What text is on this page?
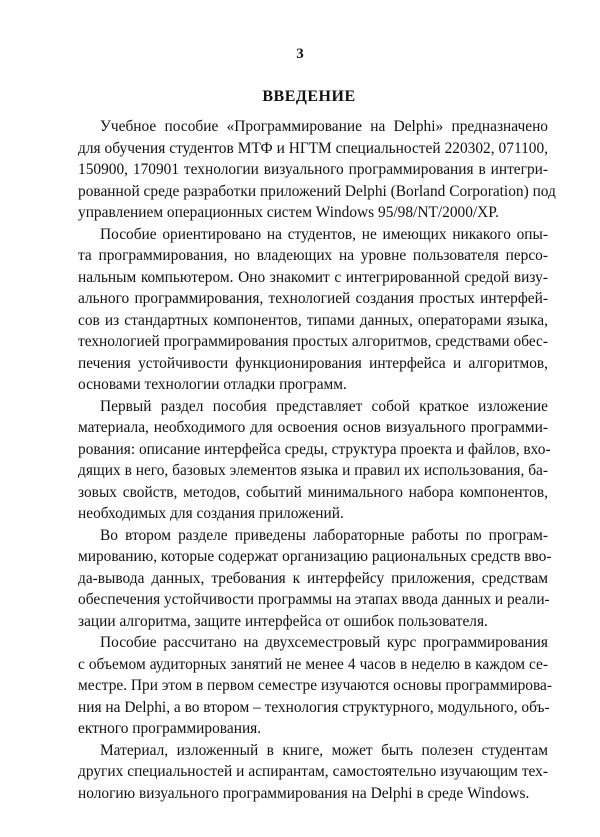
3
ВВЕДЕНИЕ
Учебное пособие «Программирование на Delphi» предназначено
для обучения студентов МТФ и НГТМ специальностей 220302, 071100,
150900, 170901 технологии визуального программирования в интегри-
рованной среде разработки приложений Delphi (Borland Corporation) под
управлением операционных систем Windows 95/98/NT/2000/XP.
Пособие ориентировано на студентов, не имеющих никакого опы-
та программирования, но владеющих на уровне пользователя персо-
нальным компьютером. Оно знакомит с интегрированной средой визу-
ального программирования, технологией создания простых интерфей-
сов из стандартных компонентов, типами данных, операторами языка,
технологией программирования простых алгоритмов, средствами обес-
печения устойчивости функционирования интерфейса и алгоритмов,
основами технологии отладки программ.
Первый раздел пособия представляет собой краткое изложение
материала, необходимого для освоения основ визуального программи-
рования: описание интерфейса среды, структура проекта и файлов, вхо-
дящих в него, базовых элементов языка и правил их использования, ба-
зовых свойств, методов, событий минимального набора компонентов,
необходимых для создания приложений.
Во втором разделе приведены лабораторные работы по програм-
мированию, которые содержат организацию рациональных средств вво-
да-вывода данных, требования к интерфейсу приложения, средствам
обеспечения устойчивости программы на этапах ввода данных и реали-
зации алгоритма, защите интерфейса от ошибок пользователя.
Пособие рассчитано на двухсеместровый курс программирования
с объемом аудиторных занятий не менее 4 часов в неделю в каждом се-
местре. При этом в первом семестре изучаются основы программирова-
ния на Delphi, а во втором – технология структурного, модульного, объ-
ектного программирования.
Материал, изложенный в книге, может быть полезен студентам
других специальностей и аспирантам, самостоятельно изучающим тех-
нологию визуального программирования на Delphi в среде Windows.
